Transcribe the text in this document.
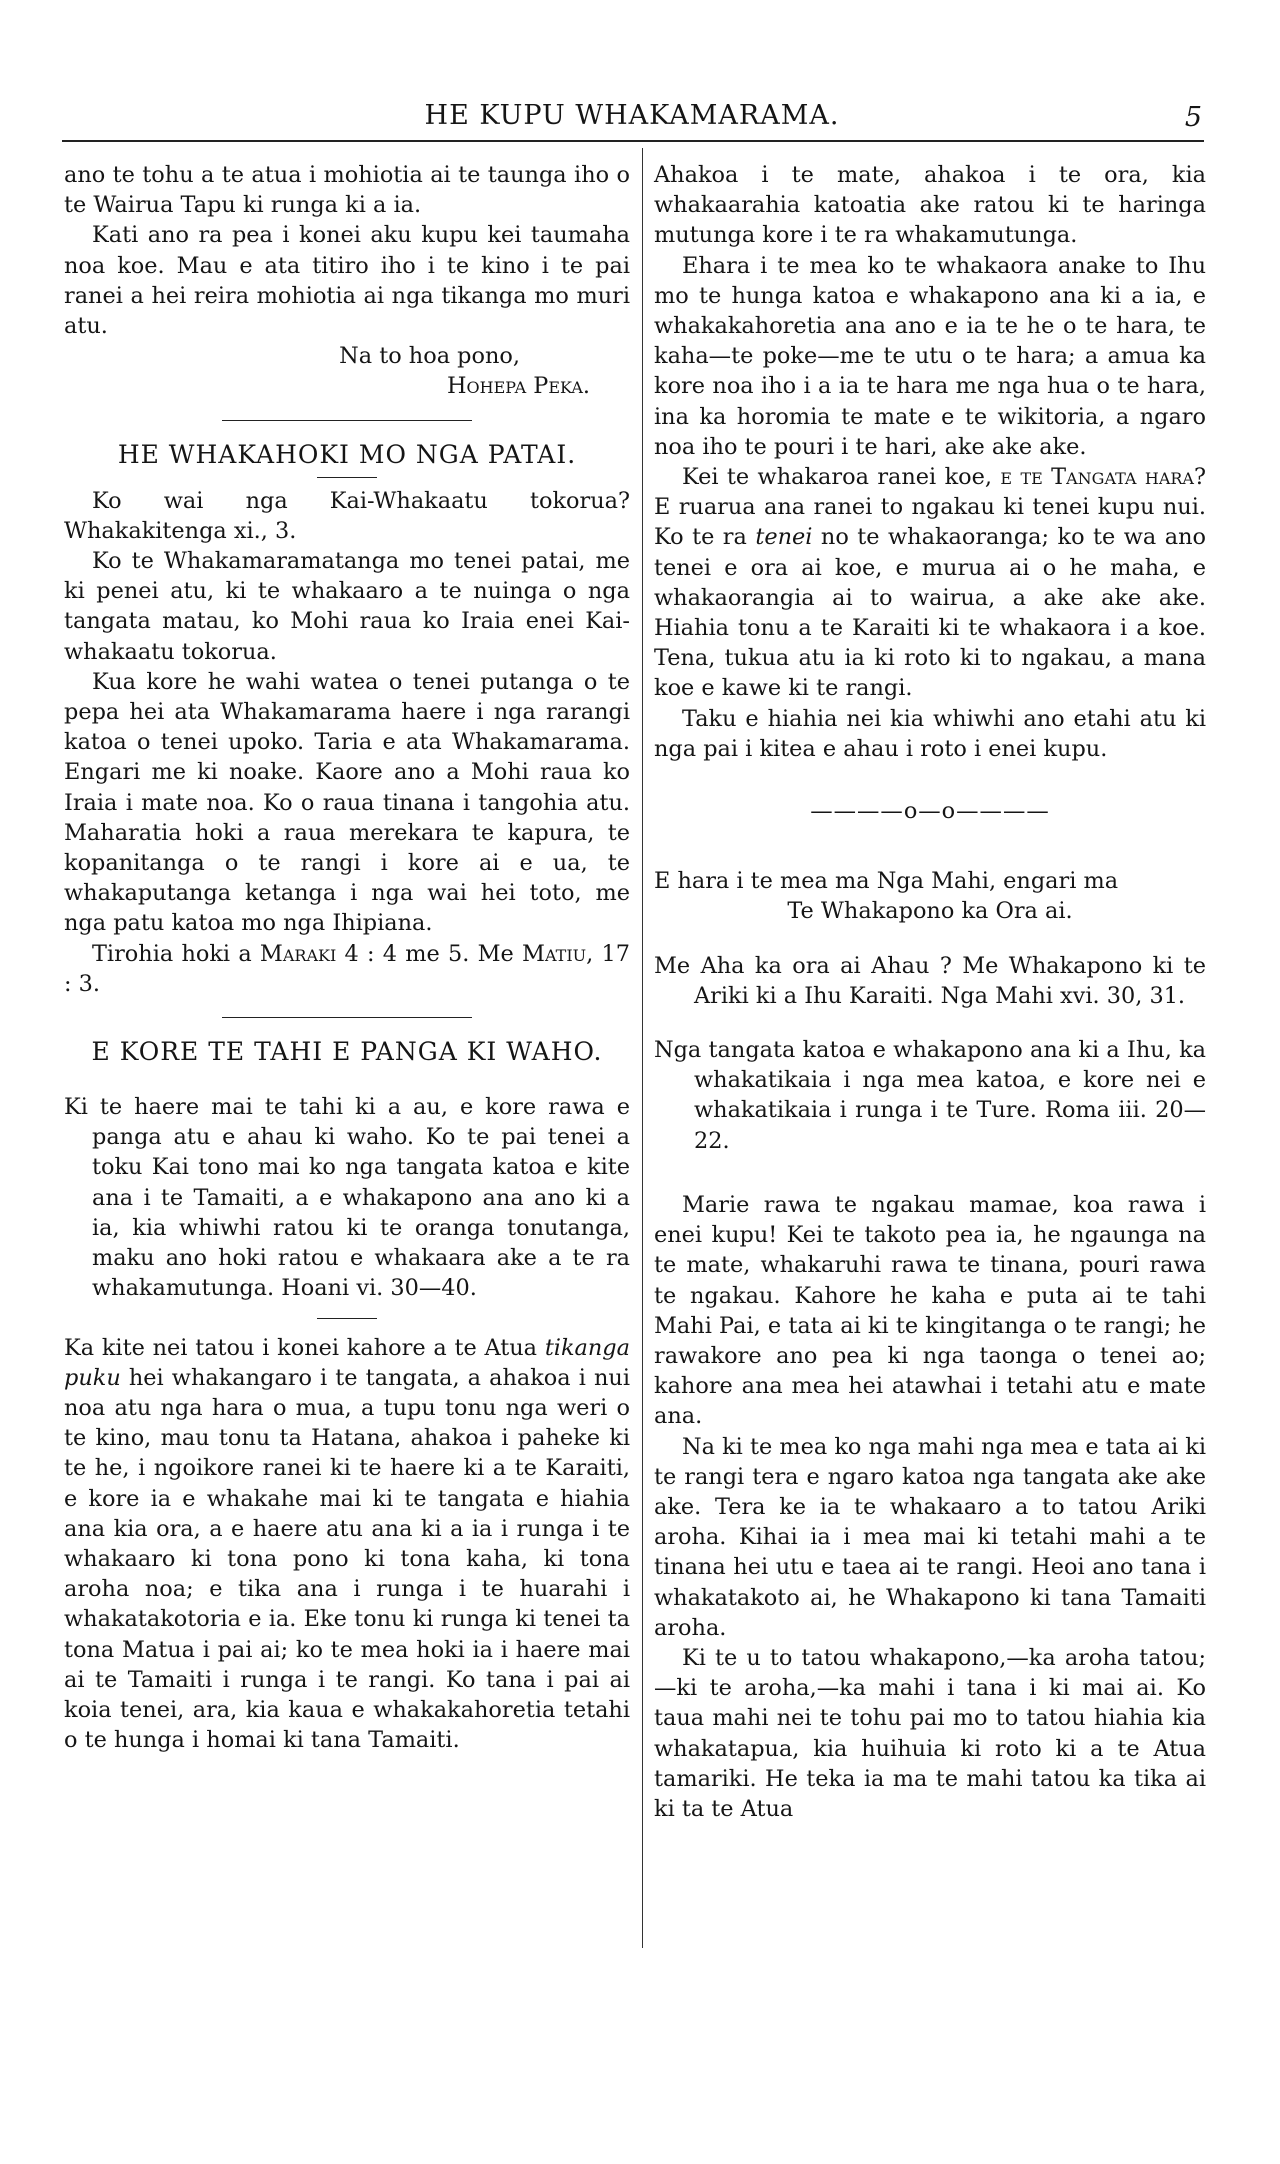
HE KUPU WHAKAMARAMA.	5

ano te tohu a te atua i mohiotia ai te taunga iho o te Wairua Tapu ki runga ki a ia.

Kati ano ra pea i konei aku kupu kei taumaha noa koe. Mau e ata titiro iho i te kino i te pai ranei a hei reira mohiotia ai nga tikanga mo muri atu.

Na to hoa pono,

Hohepa Peka.

HE WHAKAHOKI MO NGA PATAI.

Ko wai nga Kai-Whakaatu tokorua? Whakakitenga xi., 3.

Ko te Whakamaramatanga mo tenei patai, me ki penei atu, ki te whakaaro a te nuinga o nga tangata matau, ko Mohi raua ko Iraia enei Kai-whakaatu tokorua.

Kua kore he wahi watea o tenei putanga o te pepa hei ata Whakamarama haere i nga rarangi katoa o tenei upoko. Taria e ata Whakamarama. Engari me ki noake. Kaore ano a Mohi raua ko Iraia i mate noa. Ko o raua tinana i tangohia atu. Maharatia hoki a raua merekara te kapura, te kopanitanga o te rangi i kore ai e ua, te whakaputanga ketanga i nga wai hei toto, me nga patu katoa mo nga Ihipiana.

Tirohia hoki a Maraki 4 : 4 me 5. Me Matiu, 17 : 3.

E KORE TE TAHI E PANGA KI WAHO.

Ki te haere mai te tahi ki a au, e kore rawa e panga atu e ahau ki waho. Ko te pai tenei a toku Kai tono mai ko nga tangata katoa e kite ana i te Tamaiti, a e whakapono ana ano ki a ia, kia whiwhi ratou ki te oranga tonutanga, maku ano hoki ratou e whakaara ake a te ra whakamutunga. Hoani vi. 30—40.

Ka kite nei tatou i konei kahore a te Atua tikanga puku hei whakangaro i te tangata, a ahakoa i nui noa atu nga hara o mua, a tupu tonu nga weri o te kino, mau tonu ta Hatana, ahakoa i paheke ki te he, i ngoikore ranei ki te haere ki a te Karaiti, e kore ia e whakahe mai ki te tangata e hiahia ana kia ora, a e haere atu ana ki a ia i runga i te whakaaro ki tona pono ki tona kaha, ki tona aroha noa; e tika ana i runga i te huarahi i whakatakotoria e ia. Eke tonu ki runga ki tenei ta tona Matua i pai ai; ko te mea hoki ia i haere mai ai te Tamaiti i runga i te rangi. Ko tana i pai ai koia tenei, ara, kia kaua e whakakahoretia tetahi o te hunga i homai ki tana Tamaiti.

Ahakoa i te mate, ahakoa i te ora, kia whakaarahia katoatia ake ratou ki te haringa mutunga kore i te ra whakamutunga.

Ehara i te mea ko te whakaora anake to Ihu mo te hunga katoa e whakapono ana ki a ia, e whakakahoretia ana ano e ia te he o te hara, te kaha—te poke—me te utu o te hara; a amua ka kore noa iho i a ia te hara me nga hua o te hara, ina ka horomia te mate e te wikitoria, a ngaro noa iho te pouri i te hari, ake ake ake.

Kei te whakaroa ranei koe, e te Tangata hara? E ruarua ana ranei to ngakau ki tenei kupu nui. Ko te ra tenei no te whakaoranga; ko te wa ano tenei e ora ai koe, e murua ai o he maha, e whakaorangia ai to wairua, a ake ake ake. Hiahia tonu a te Karaiti ki te whakaora i a koe. Tena, tukua atu ia ki roto ki to ngakau, a mana koe e kawe ki te rangi.

Taku e hiahia nei kia whiwhi ano etahi atu ki nga pai i kitea e ahau i roto i enei kupu.

————o—o————

E hara i te mea ma Nga Mahi, engari ma

Te Whakapono ka Ora ai.

Me Aha ka ora ai Ahau ? Me Whakapono ki te Ariki ki a Ihu Karaiti. Nga Mahi xvi. 30, 31.

Nga tangata katoa e whakapono ana ki a Ihu, ka whakatikaia i nga mea katoa, e kore nei e whakatikaia i runga i te Ture. Roma iii. 20—22.

Marie rawa te ngakau mamae, koa rawa i enei kupu! Kei te takoto pea ia, he ngaunga na te mate, whakaruhi rawa te tinana, pouri rawa te ngakau. Kahore he kaha e puta ai te tahi Mahi Pai, e tata ai ki te kingitanga o te rangi; he rawakore ano pea ki nga taonga o tenei ao; kahore ana mea hei atawhai i tetahi atu e mate ana.

Na ki te mea ko nga mahi nga mea e tata ai ki te rangi tera e ngaro katoa nga tangata ake ake ake. Tera ke ia te whakaaro a to tatou Ariki aroha. Kihai ia i mea mai ki tetahi mahi a te tinana hei utu e taea ai te rangi. Heoi ano tana i whakatakoto ai, he Whakapono ki tana Tamaiti aroha.

Ki te u to tatou whakapono,—ka aroha tatou;—ki te aroha,—ka mahi i tana i ki mai ai. Ko taua mahi nei te tohu pai mo to tatou hiahia kia whakatapua, kia huihuia ki roto ki a te Atua tamariki. He teka ia ma te mahi tatou ka tika ai ki ta te Atua
